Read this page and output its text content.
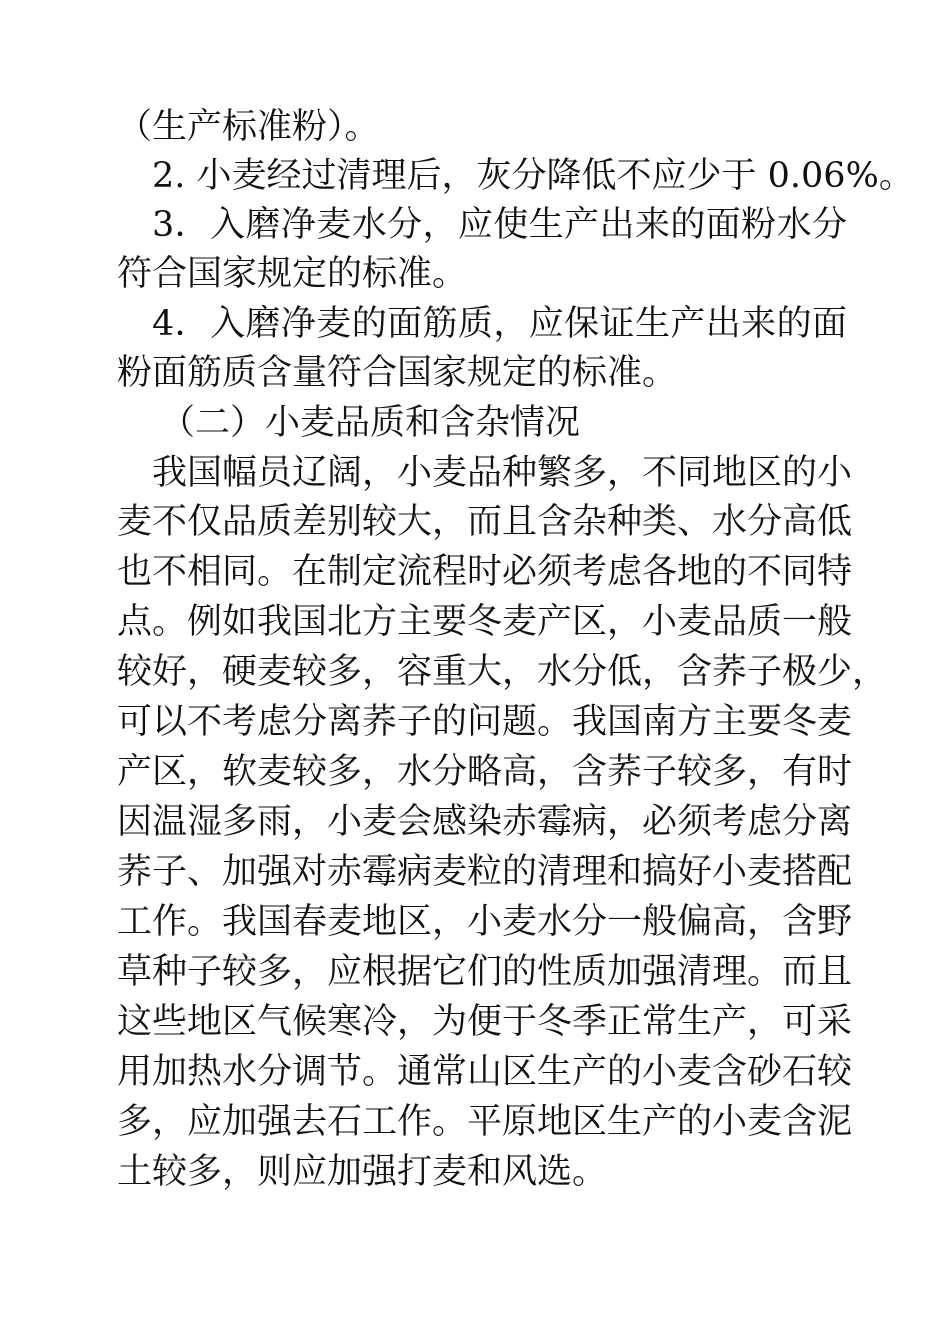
（生产标准粉）。
2. 小麦经过清理后，灰分降低不应少于 0.06%。
3．入磨净麦水分，应使生产出来的面粉水分
符合国家规定的标准。
4．入磨净麦的面筋质，应保证生产出来的面
粉面筋质含量符合国家规定的标准。
（二）小麦品质和含杂情况
我国幅员辽阔，小麦品种繁多，不同地区的小
麦不仅品质差别较大，而且含杂种类、水分高低
也不相同。在制定流程时必须考虑各地的不同特
点。例如我国北方主要冬麦产区，小麦品质一般
较好，硬麦较多，容重大，水分低，含荞子极少，
可以不考虑分离荞子的问题。我国南方主要冬麦
产区，软麦较多，水分略高，含荞子较多，有时
因温湿多雨，小麦会感染赤霉病，必须考虑分离
荞子、加强对赤霉病麦粒的清理和搞好小麦搭配
工作。我国春麦地区，小麦水分一般偏高，含野
草种子较多，应根据它们的性质加强清理。而且
这些地区气候寒冷，为便于冬季正常生产，可采
用加热水分调节。通常山区生产的小麦含砂石较
多，应加强去石工作。平原地区生产的小麦含泥
土较多，则应加强打麦和风选。
